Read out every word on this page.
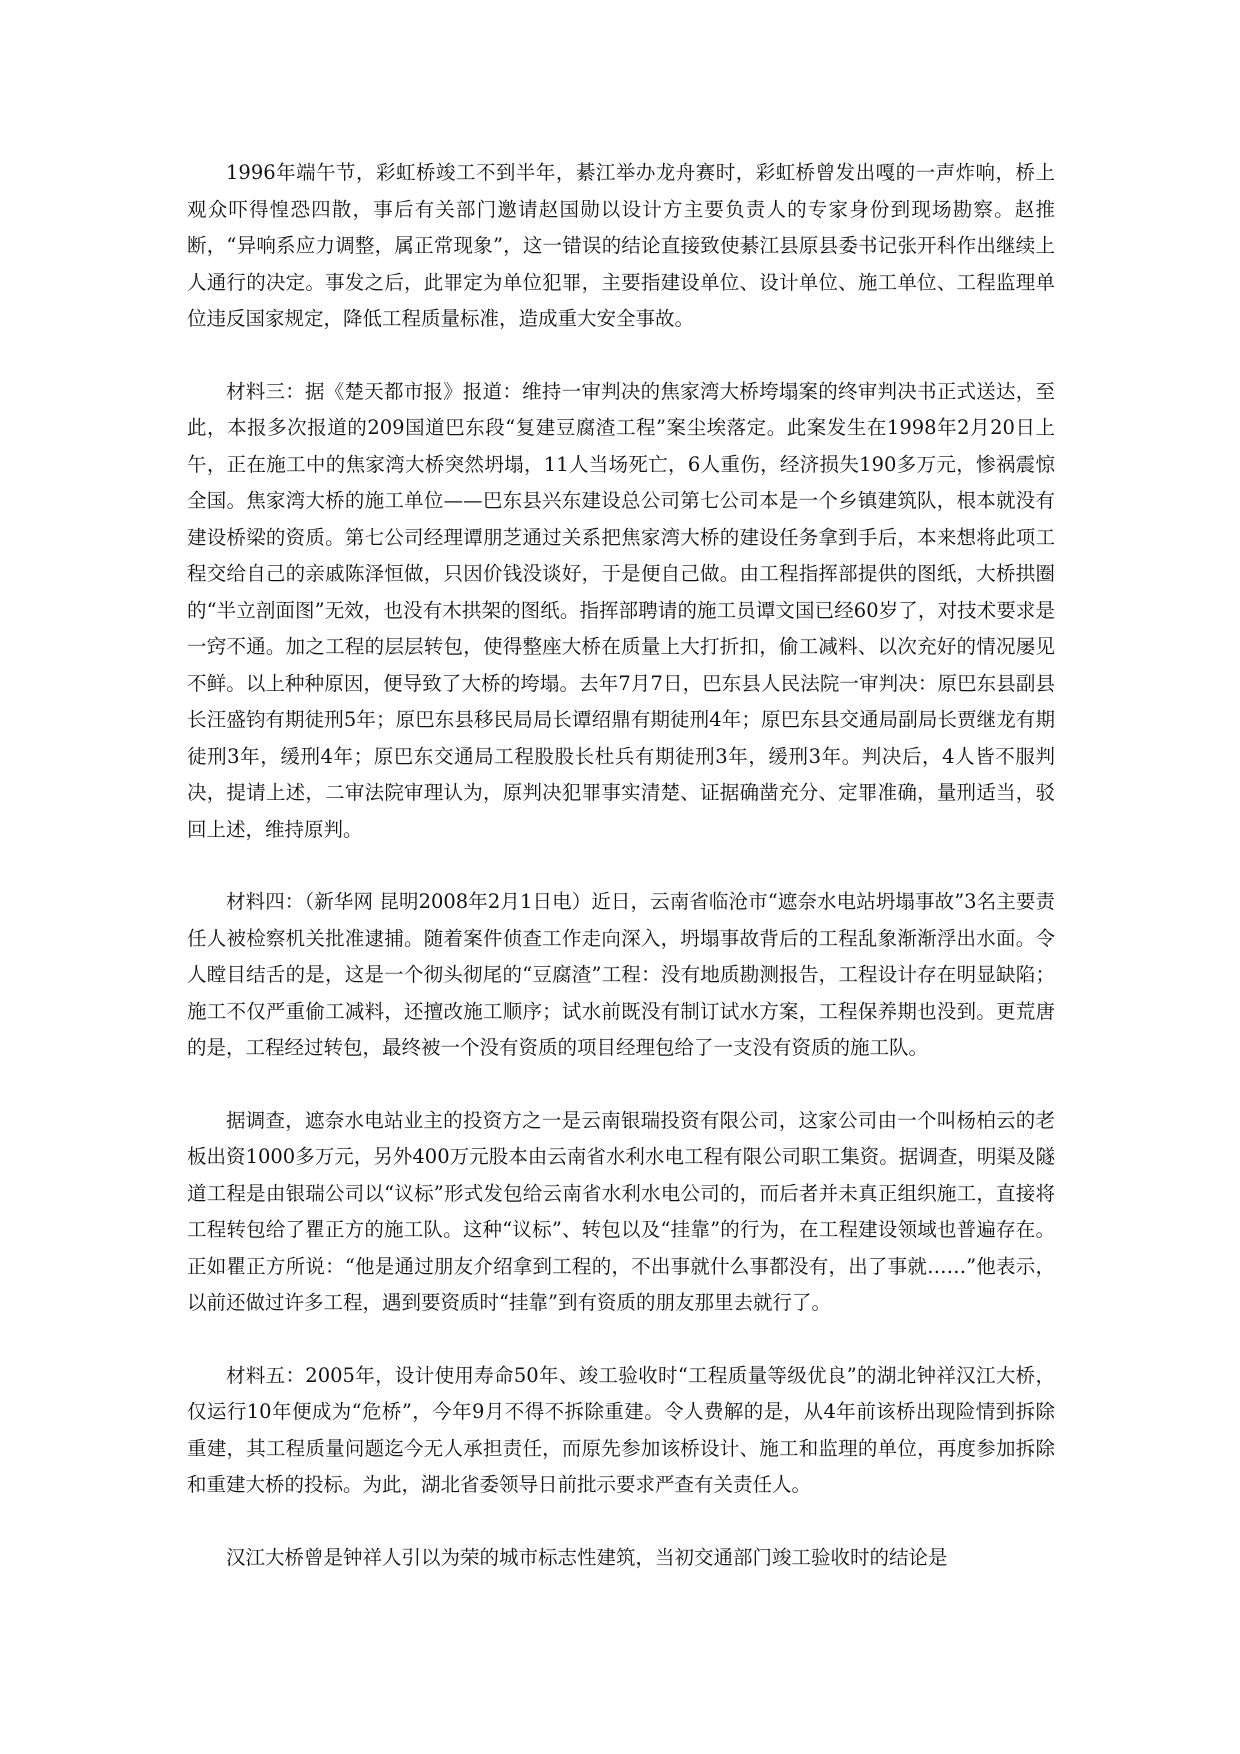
1996年端午节，彩虹桥竣工不到半年，綦江举办龙舟赛时，彩虹桥曾发出嘎的一声炸响，桥上观众吓得惶恐四散，事后有关部门邀请赵国勋以设计方主要负责人的专家身份到现场勘察。赵推断，“异响系应力调整，属正常现象”，这一错误的结论直接致使綦江县原县委书记张开科作出继续上人通行的决定。事发之后，此罪定为单位犯罪，主要指建设单位、设计单位、施工单位、工程监理单位违反国家规定，降低工程质量标准，造成重大安全事故。

材料三：据《楚天都市报》报道：维持一审判决的焦家湾大桥垮塌案的终审判决书正式送达，至此，本报多次报道的209国道巴东段“复建豆腐渣工程”案尘埃落定。此案发生在1998年2月20日上午，正在施工中的焦家湾大桥突然坍塌，11人当场死亡，6人重伤，经济损失190多万元，惨祸震惊全国。焦家湾大桥的施工单位——巴东县兴东建设总公司第七公司本是一个乡镇建筑队，根本就没有建设桥梁的资质。第七公司经理谭朋芝通过关系把焦家湾大桥的建设任务拿到手后，本来想将此项工程交给自己的亲戚陈泽恒做，只因价钱没谈好，于是便自己做。由工程指挥部提供的图纸，大桥拱圈的“半立剖面图”无效，也没有木拱架的图纸。指挥部聘请的施工员谭文国已经60岁了，对技术要求是一窍不通。加之工程的层层转包，使得整座大桥在质量上大打折扣，偷工减料、以次充好的情况屡见不鲜。以上种种原因，便导致了大桥的垮塌。去年7月7日，巴东县人民法院一审判决：原巴东县副县长汪盛钧有期徒刑5年；原巴东县移民局局长谭绍鼎有期徒刑4年；原巴东县交通局副局长贾继龙有期徒刑3年，缓刑4年；原巴东交通局工程股股长杜兵有期徒刑3年，缓刑3年。判决后，4人皆不服判决，提请上述，二审法院审理认为，原判决犯罪事实清楚、证据确凿充分、定罪准确，量刑适当，驳回上述，维持原判。

材料四：（新华网 昆明2008年2月1日电）近日，云南省临沧市“遮奈水电站坍塌事故”3名主要责任人被检察机关批准逮捕。随着案件侦查工作走向深入，坍塌事故背后的工程乱象渐渐浮出水面。令人瞠目结舌的是，这是一个彻头彻尾的“豆腐渣”工程：没有地质勘测报告，工程设计存在明显缺陷；施工不仅严重偷工减料，还擅改施工顺序；试水前既没有制订试水方案，工程保养期也没到。更荒唐的是，工程经过转包，最终被一个没有资质的项目经理包给了一支没有资质的施工队。

据调查，遮奈水电站业主的投资方之一是云南银瑞投资有限公司，这家公司由一个叫杨柏云的老板出资1000多万元，另外400万元股本由云南省水利水电工程有限公司职工集资。据调查，明渠及隧道工程是由银瑞公司以“议标”形式发包给云南省水利水电公司的，而后者并未真正组织施工，直接将工程转包给了瞿正方的施工队。这种“议标”、转包以及“挂靠”的行为，在工程建设领域也普遍存在。正如瞿正方所说：“他是通过朋友介绍拿到工程的，不出事就什么事都没有，出了事就……”他表示，以前还做过许多工程，遇到要资质时“挂靠”到有资质的朋友那里去就行了。

材料五：2005年，设计使用寿命50年、竣工验收时“工程质量等级优良”的湖北钟祥汉江大桥，仅运行10年便成为“危桥”，今年9月不得不拆除重建。令人费解的是，从4年前该桥出现险情到拆除重建，其工程质量问题迄今无人承担责任，而原先参加该桥设计、施工和监理的单位，再度参加拆除和重建大桥的投标。为此，湖北省委领导日前批示要求严查有关责任人。

汉江大桥曾是钟祥人引以为荣的城市标志性建筑，当初交通部门竣工验收时的结论是
